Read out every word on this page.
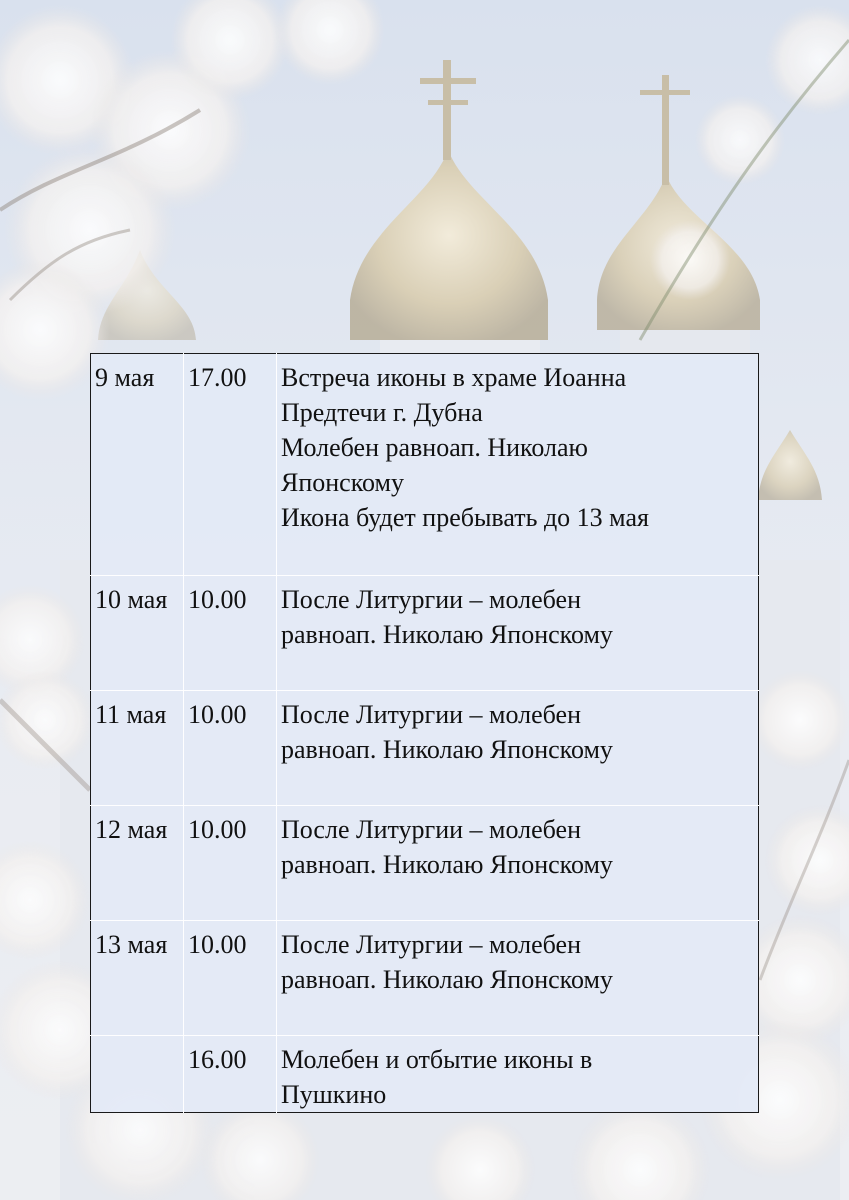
9 мая	17.00	Встреча иконы в храме Иоанна
Предтечи г. Дубна
Молебен равноап. Николаю
Японскому
Икона будет пребывать до 13 мая

10 мая	10.00	После Литургии – молебен
равноап. Николаю Японскому

11 мая	10.00	После Литургии – молебен
равноап. Николаю Японскому

12 мая	10.00	После Литургии – молебен
равноап. Николаю Японскому

13 мая	10.00	После Литургии – молебен
равноап. Николаю Японскому

	16.00	Молебен и отбытие иконы в
Пушкино
